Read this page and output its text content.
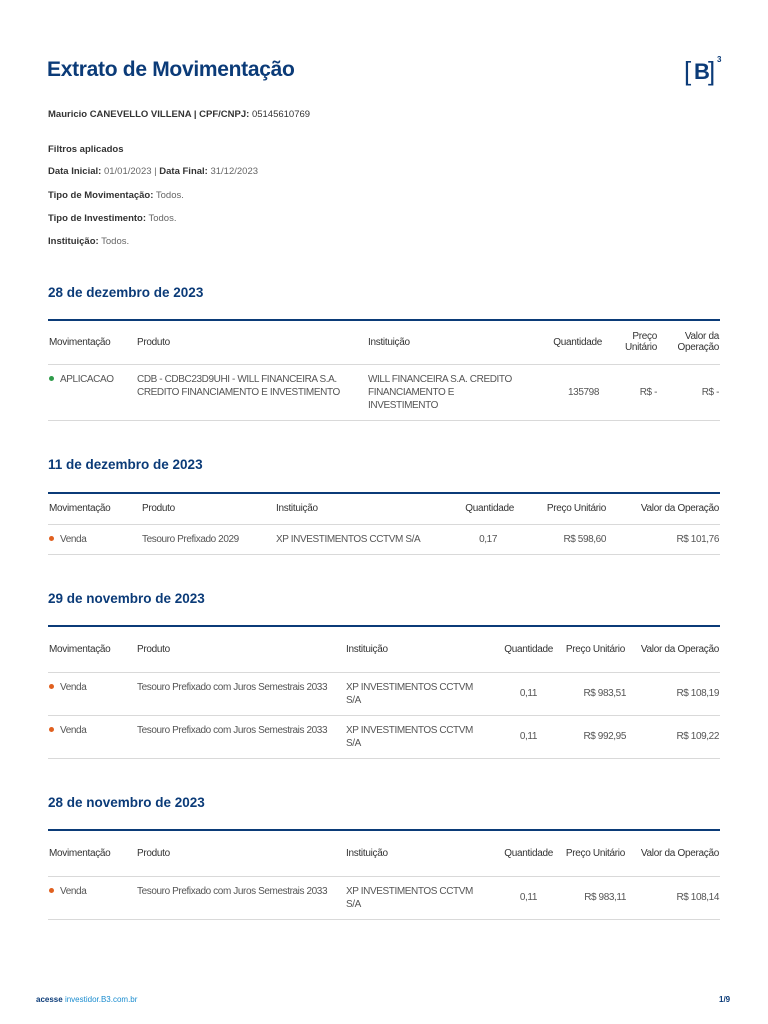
Extrato de Movimentação	[ B
] 3
Mauricio CANEVELLO VILLENA | CPF/CNPJ: 05145610769
Filtros aplicados
Data Inicial: 01/01/2023 | Data Final: 31/12/2023
Tipo de Movimentação: Todos.
Tipo de Investimento: Todos.
Instituição: Todos.
28 de dezembro de 2023
Movimentação	Produto	Instituição	Quantidade	Preço Unitário	Valor da Operação
APLICACAO	CDB - CDBC23D9UHI - WILL FINANCEIRA S.A. CREDITO FINANCIAMENTO E INVESTIMENTO	WILL FINANCEIRA S.A. CREDITO FINANCIAMENTO E INVESTIMENTO	135798	R$ -	R$ -
11 de dezembro de 2023
Movimentação	Produto	Instituição	Quantidade	Preço Unitário	Valor da Operação
Venda	Tesouro Prefixado 2029	XP INVESTIMENTOS CCTVM S/A	0,17	R$ 598,60	R$ 101,76
29 de novembro de 2023
Movimentação	Produto	Instituição	Quantidade	Preço Unitário	Valor da Operação
Venda	Tesouro Prefixado com Juros Semestrais 2033	XP INVESTIMENTOS CCTVM S/A	0,11	R$ 983,51	R$ 108,19
Venda	Tesouro Prefixado com Juros Semestrais 2033	XP INVESTIMENTOS CCTVM S/A	0,11	R$ 992,95	R$ 109,22
28 de novembro de 2023
Movimentação	Produto	Instituição	Quantidade	Preço Unitário	Valor da Operação
Venda	Tesouro Prefixado com Juros Semestrais 2033	XP INVESTIMENTOS CCTVM S/A	0,11	R$ 983,11	R$ 108,14
acesse investidor.B3.com.br	1/9
